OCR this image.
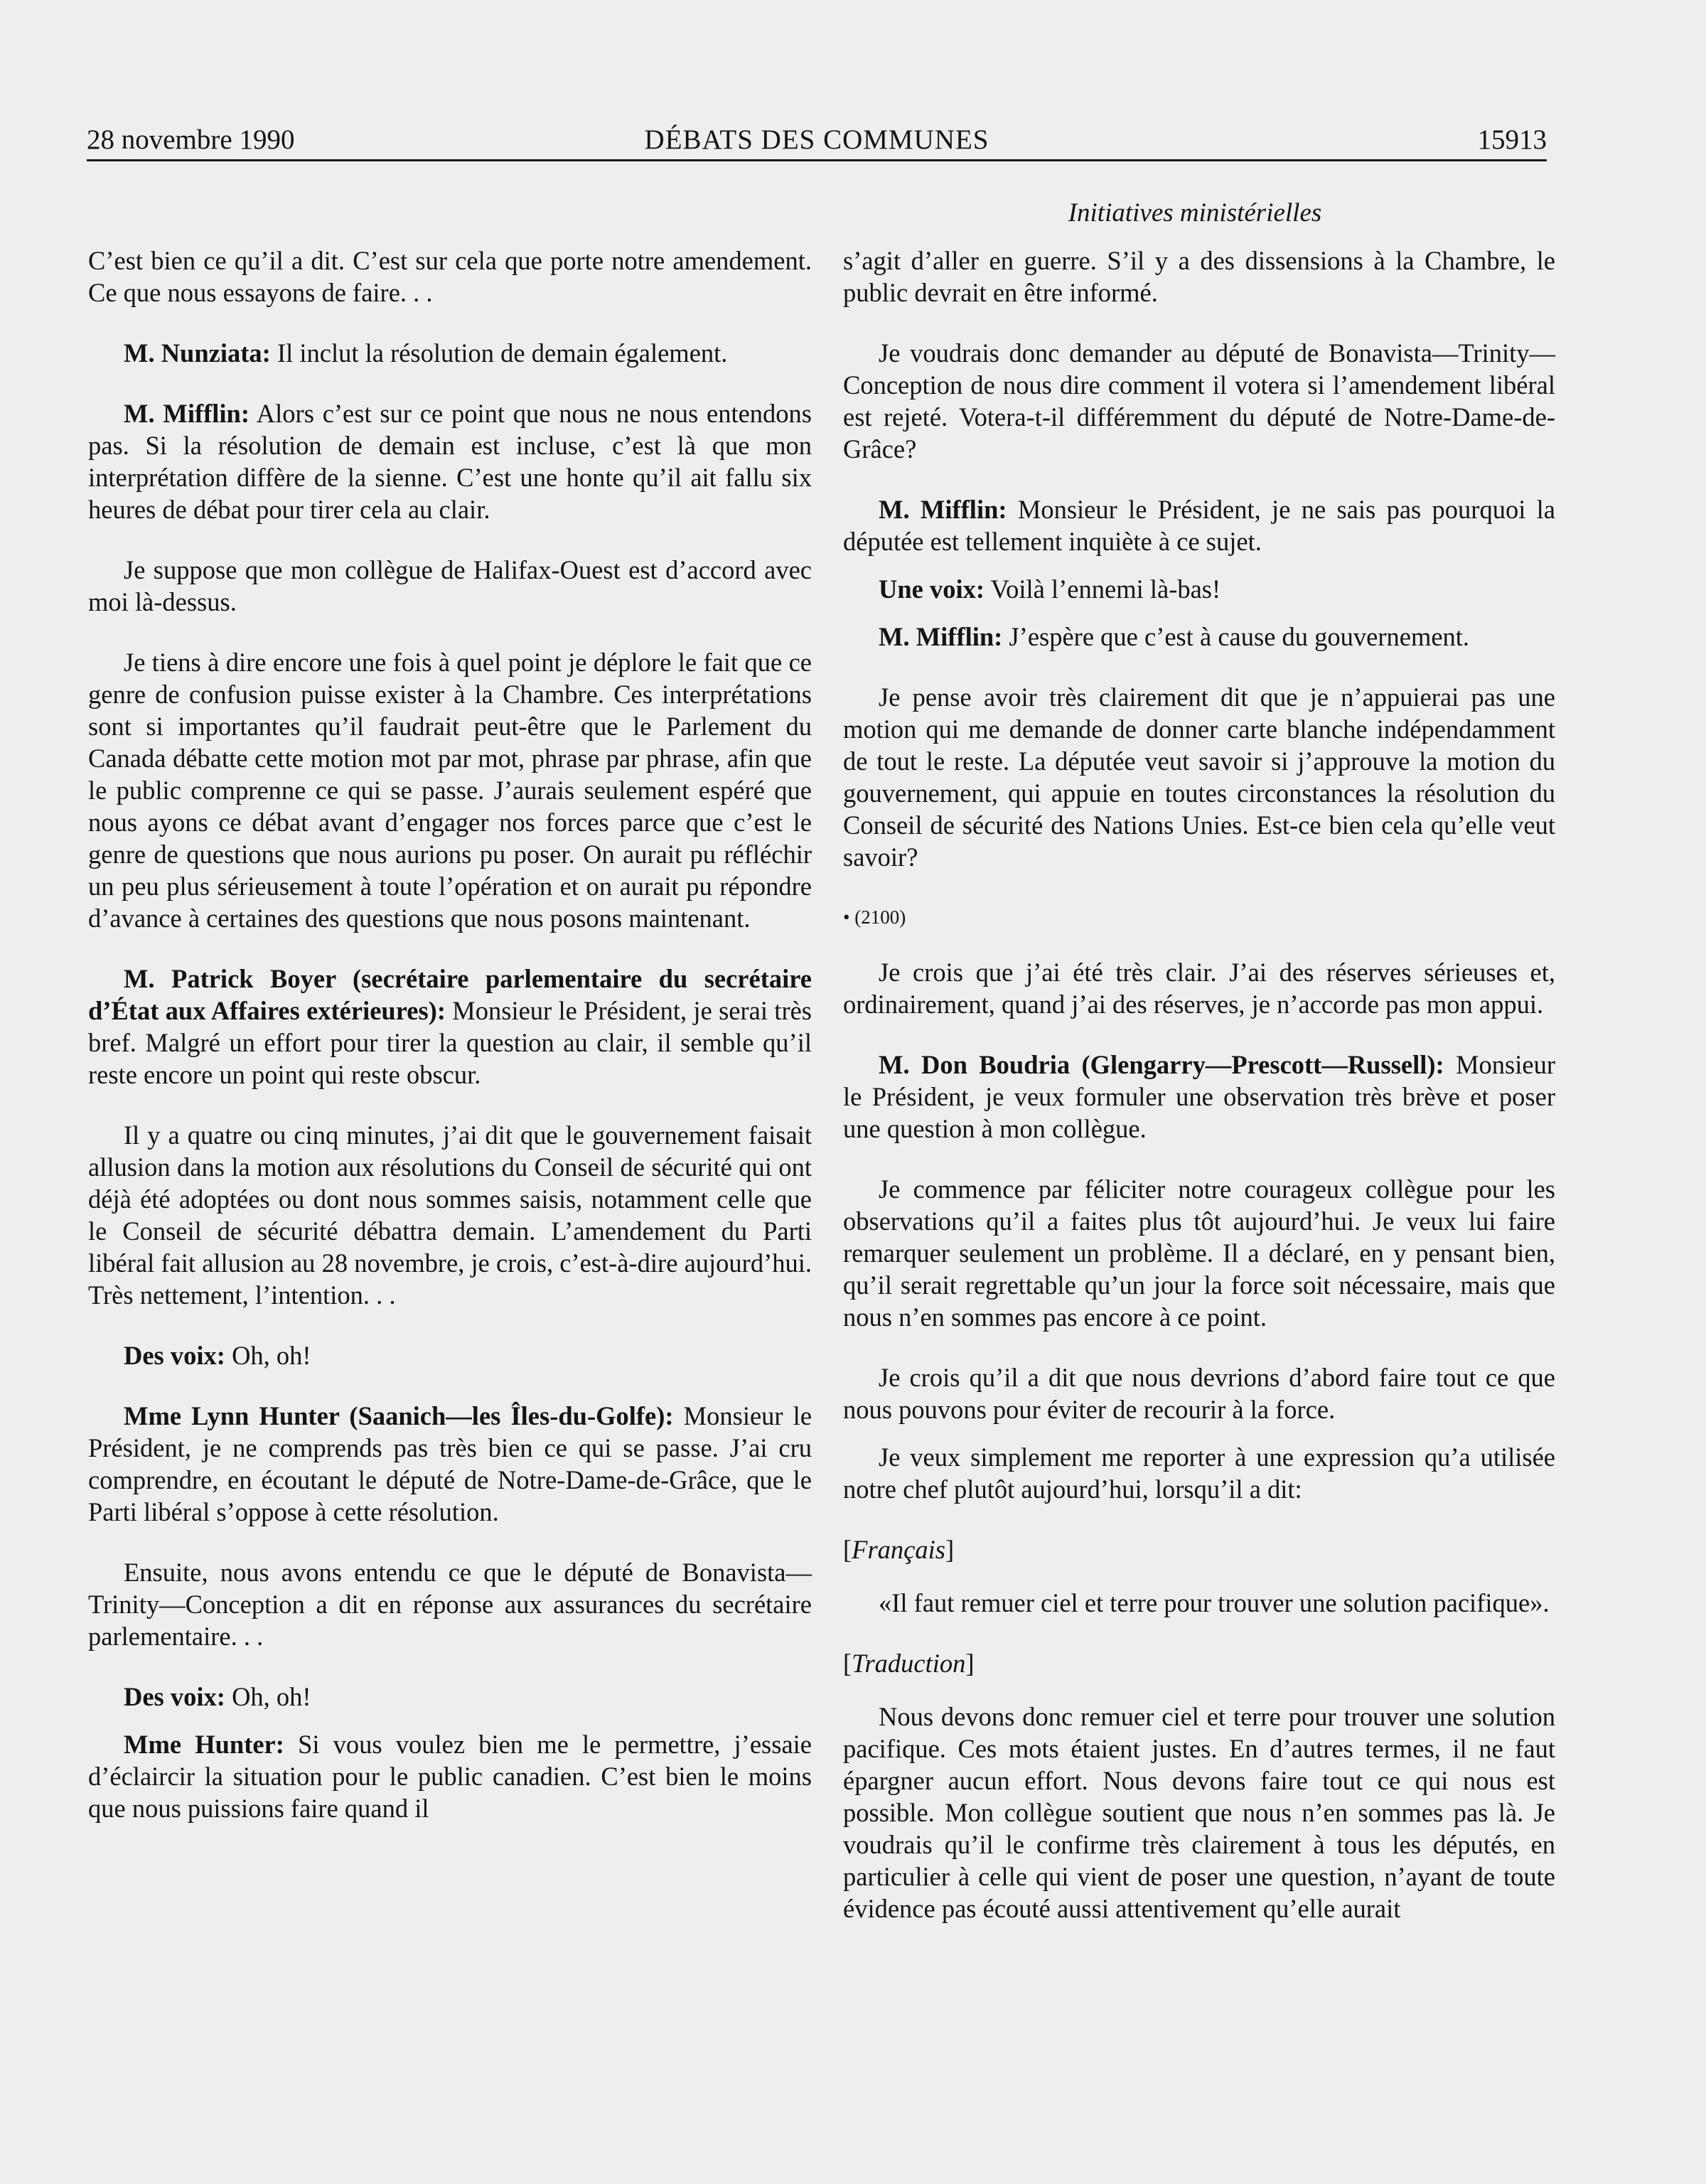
28 novembre 1990	DÉBATS DES COMMUNES	15913
Initiatives ministérielles

C’est bien ce qu’il a dit. C’est sur cela que porte notre amendement. Ce que nous essayons de faire. . .

M. Nunziata: Il inclut la résolution de demain également.

M. Mifflin: Alors c’est sur ce point que nous ne nous entendons pas. Si la résolution de demain est incluse, c’est là que mon interprétation diffère de la sienne. C’est une honte qu’il ait fallu six heures de débat pour tirer cela au clair.

Je suppose que mon collègue de Halifax-Ouest est d’accord avec moi là-dessus.

Je tiens à dire encore une fois à quel point je déplore le fait que ce genre de confusion puisse exister à la Chambre. Ces interprétations sont si importantes qu’il faudrait peut-être que le Parlement du Canada débatte cette motion mot par mot, phrase par phrase, afin que le public comprenne ce qui se passe. J’aurais seulement espéré que nous ayons ce débat avant d’engager nos forces parce que c’est le genre de questions que nous aurions pu poser. On aurait pu réfléchir un peu plus sérieusement à toute l’opération et on aurait pu répondre d’avance à certaines des questions que nous posons maintenant.

M. Patrick Boyer (secrétaire parlementaire du secrétaire d’État aux Affaires extérieures): Monsieur le Président, je serai très bref. Malgré un effort pour tirer la question au clair, il semble qu’il reste encore un point qui reste obscur.

Il y a quatre ou cinq minutes, j’ai dit que le gouvernement faisait allusion dans la motion aux résolutions du Conseil de sécurité qui ont déjà été adoptées ou dont nous sommes saisis, notamment celle que le Conseil de sécurité débattra demain. L’amendement du Parti libéral fait allusion au 28 novembre, je crois, c’est-à-dire aujourd’hui. Très nettement, l’intention. . .

Des voix: Oh, oh!

Mme Lynn Hunter (Saanich—les Îles-du-Golfe): Monsieur le Président, je ne comprends pas très bien ce qui se passe. J’ai cru comprendre, en écoutant le député de Notre-Dame-de-Grâce, que le Parti libéral s’oppose à cette résolution.

Ensuite, nous avons entendu ce que le député de Bonavista—Trinity—Conception a dit en réponse aux assurances du secrétaire parlementaire. . .

Des voix: Oh, oh!

Mme Hunter: Si vous voulez bien me le permettre, j’essaie d’éclaircir la situation pour le public canadien. C’est bien le moins que nous puissions faire quand il

s’agit d’aller en guerre. S’il y a des dissensions à la Chambre, le public devrait en être informé.

Je voudrais donc demander au député de Bonavista—Trinity—Conception de nous dire comment il votera si l’amendement libéral est rejeté. Votera-t-il différemment du député de Notre-Dame-de-Grâce?

M. Mifflin: Monsieur le Président, je ne sais pas pourquoi la députée est tellement inquiète à ce sujet.

Une voix: Voilà l’ennemi là-bas!

M. Mifflin: J’espère que c’est à cause du gouvernement.

Je pense avoir très clairement dit que je n’appuierai pas une motion qui me demande de donner carte blanche indépendamment de tout le reste. La députée veut savoir si j’approuve la motion du gouvernement, qui appuie en toutes circonstances la résolution du Conseil de sécurité des Nations Unies. Est-ce bien cela qu’elle veut savoir?

• (2100)

Je crois que j’ai été très clair. J’ai des réserves sérieuses et, ordinairement, quand j’ai des réserves, je n’accorde pas mon appui.

M. Don Boudria (Glengarry—Prescott—Russell): Monsieur le Président, je veux formuler une observation très brève et poser une question à mon collègue.

Je commence par féliciter notre courageux collègue pour les observations qu’il a faites plus tôt aujourd’hui. Je veux lui faire remarquer seulement un problème. Il a déclaré, en y pensant bien, qu’il serait regrettable qu’un jour la force soit nécessaire, mais que nous n’en sommes pas encore à ce point.

Je crois qu’il a dit que nous devrions d’abord faire tout ce que nous pouvons pour éviter de recourir à la force.

Je veux simplement me reporter à une expression qu’a utilisée notre chef plutôt aujourd’hui, lorsqu’il a dit:

[Français]

«Il faut remuer ciel et terre pour trouver une solution pacifique».

[Traduction]

Nous devons donc remuer ciel et terre pour trouver une solution pacifique. Ces mots étaient justes. En d’autres termes, il ne faut épargner aucun effort. Nous devons faire tout ce qui nous est possible. Mon collègue soutient que nous n’en sommes pas là. Je voudrais qu’il le confirme très clairement à tous les députés, en particulier à celle qui vient de poser une question, n’ayant de toute évidence pas écouté aussi attentivement qu’elle aurait
